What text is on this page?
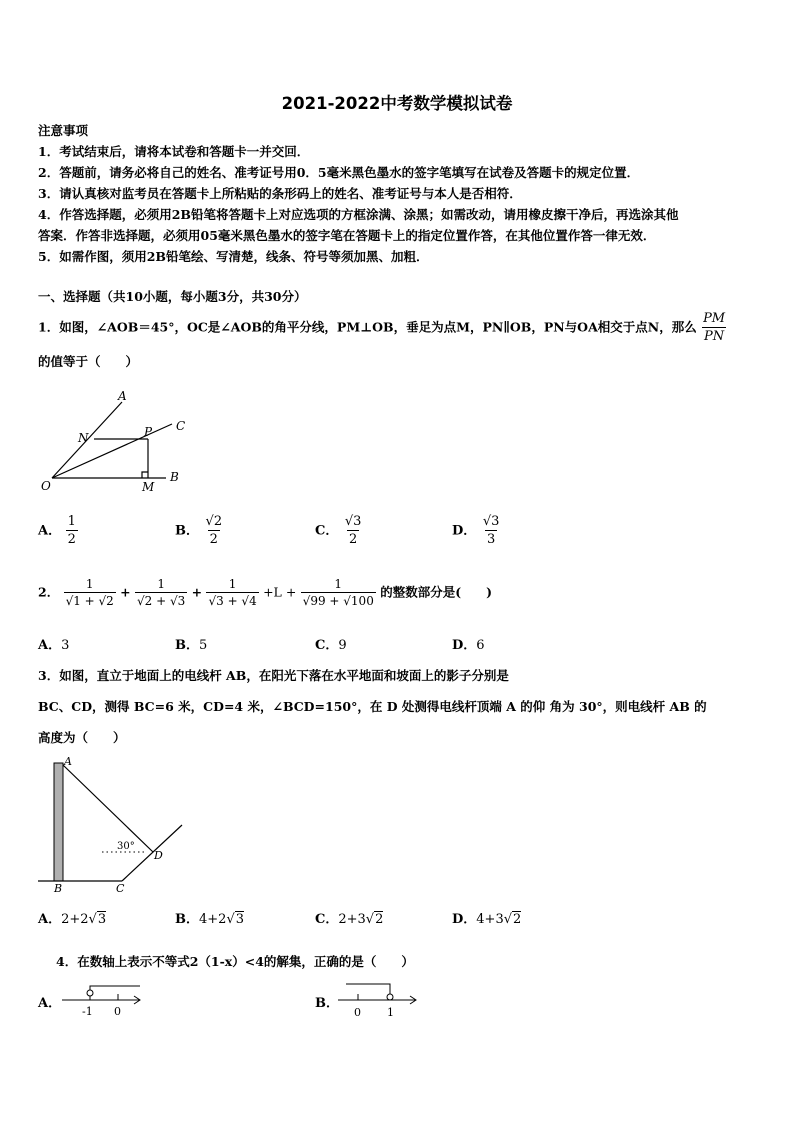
2021-2022中考数学模拟试卷
注意事项
1．考试结束后，请将本试卷和答题卡一并交回．
2．答题前，请务必将自己的姓名、准考证号用0．5毫米黑色墨水的签字笔填写在试卷及答题卡的规定位置．
3．请认真核对监考员在答题卡上所粘贴的条形码上的姓名、准考证号与本人是否相符．
4．作答选择题，必须用2B铅笔将答题卡上对应选项的方框涂满、涂黑；如需改动，请用橡皮擦干净后，再选涂其他
答案．作答非选择题，必须用05毫米黑色墨水的签字笔在答题卡上的指定位置作答，在其他位置作答一律无效．
5．如需作图，须用2B铅笔绘、写清楚，线条、符号等须加黑、加粗．
一、选择题（共10小题，每小题3分，共30分）
1．如图，∠AOB＝45°，OC是∠AOB的角平分线，PM⊥OB，垂足为点M，PN∥OB，PN与OA相交于点N，那么 $\frac{PM}{PN}$
的值等于（　　）
A
N	P C
O	M
B
A． $\frac{1}{2}$	B． $\frac{√2}{2}$	C． $\frac{√3}{2}$	D． $\frac{√3}{3}$
2． $\frac{1}{√1 + √2} + \frac{1}{√2 + √3} + \frac{1}{√3 + √4} +L + \frac{1}{√99 + √100}$ 的整数部分是(　　)
A．3	B．5	C．9	D．6
3．如图，直立于地面上的电线杆 AB，在阳光下落在水平地面和坡面上的影子分别是
BC、CD，测得 BC=6 米，CD=4 米，∠BCD=150°，在 D 处测得电线杆顶端 A 的仰 角为 30°，则电线杆 AB 的
高度为（　　）
A
B	C
D
30°
A．2+2√3	B．4+2√3	C．2+3√2	D．4+3√2
4．在数轴上表示不等式2（1-x）<4的解集，正确的是（　　）
A．
-1 0
B．
0 1
